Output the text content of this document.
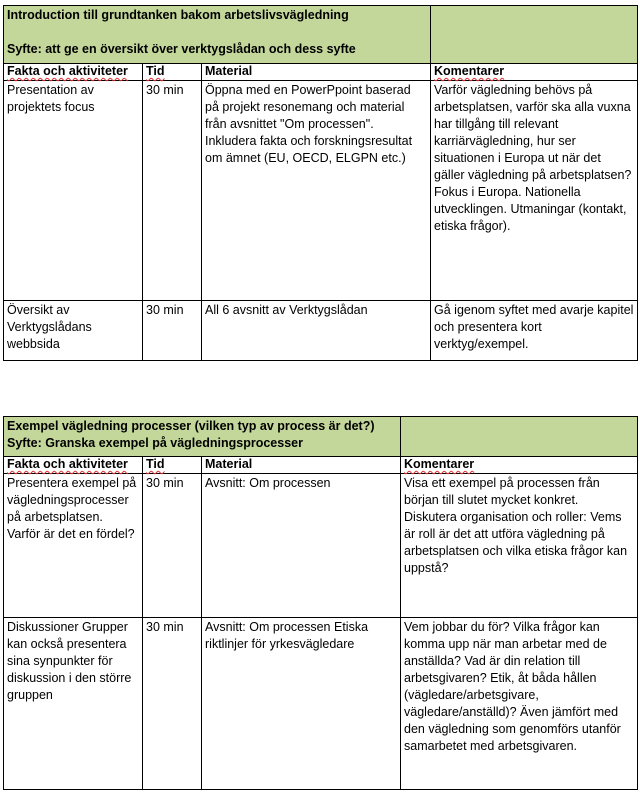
Introduction till grundtanken bakom arbetslivsvägledning
Syfte: att ge en översikt över verktygslådan och dess syfte			

Fakta och aktiviteter	Tid	Material	Komentarer
Presentation av projektets focus	30 min	Öppna med en PowerPpoint baserad på projekt resonemang och material från avsnittet "Om processen". Inkludera fakta och forskningsresultat om ämnet (EU, OECD, ELGPN etc.)	Varför vägledning behövs på arbetsplatsen, varför ska alla vuxna har tillgång till relevant karriärvägledning, hur ser situationen i Europa ut när det gäller vägledning på arbetsplatsen? Fokus i Europa. Nationella utvecklingen. Utmaningar (kontakt, etiska frågor).
Översikt av Verktygslådans webbsida	30 min	All 6 avsnitt av Verktygslådan	Gå igenom syftet med avarje kapitel och presentera kort verktyg/exempel.
Exempel vägledning processer (vilken typ av process är det?)
Syfte: Granska exempel på vägledningsprocesser			

Fakta och aktiviteter	Tid	Material	Komentarer
Presentera exempel på vägledningsprocesser på arbetsplatsen. Varför är det en fördel?	30 min	Avsnitt: Om processen	Visa ett exempel på processen från början till slutet mycket konkret. Diskutera organisation och roller: Vems är roll är det att utföra vägledning på arbetsplatsen och vilka etiska frågor kan uppstå?
Diskussioner Grupper kan också presentera sina synpunkter för diskussion i den större gruppen	30 min	Avsnitt: Om processen Etiska riktlinjer för yrkesvägledare	Vem jobbar du för? Vilka frågor kan komma upp när man arbetar med de anställda? Vad är din relation till arbetsgivaren? Etik, åt båda hållen (vägledare/arbetsgivare, vägledare/anställd)? Även jämfört med den vägledning som genomförs utanför samarbetet med arbetsgivaren.
